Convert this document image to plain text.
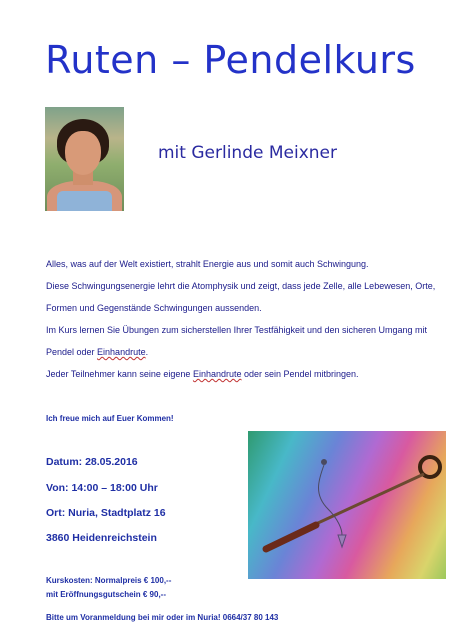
Ruten – Pendelkurs
mit Gerlinde Meixner
Alles, was auf der Welt existiert, strahlt Energie aus und somit auch Schwingung.
Diese Schwingungsenergie lehrt die Atomphysik und zeigt, dass jede Zelle, alle Lebewesen, Orte,
Formen und Gegenstände Schwingungen aussenden.
Im Kurs lernen Sie Übungen zum sicherstellen Ihrer Testfähigkeit und den sicheren Umgang mit
Pendel oder Einhandrute.
Jeder Teilnehmer kann seine eigene Einhandrute oder sein Pendel mitbringen.
Ich freue mich auf Euer Kommen!
Datum: 28.05.2016
Von: 14:00 – 18:00 Uhr
Ort: Nuria, Stadtplatz 16
3860 Heidenreichstein
Kurskosten: Normalpreis € 100,--
mit Eröffnungsgutschein € 90,--
Bitte um Voranmeldung bei mir oder im Nuria! 0664/37 80 143
